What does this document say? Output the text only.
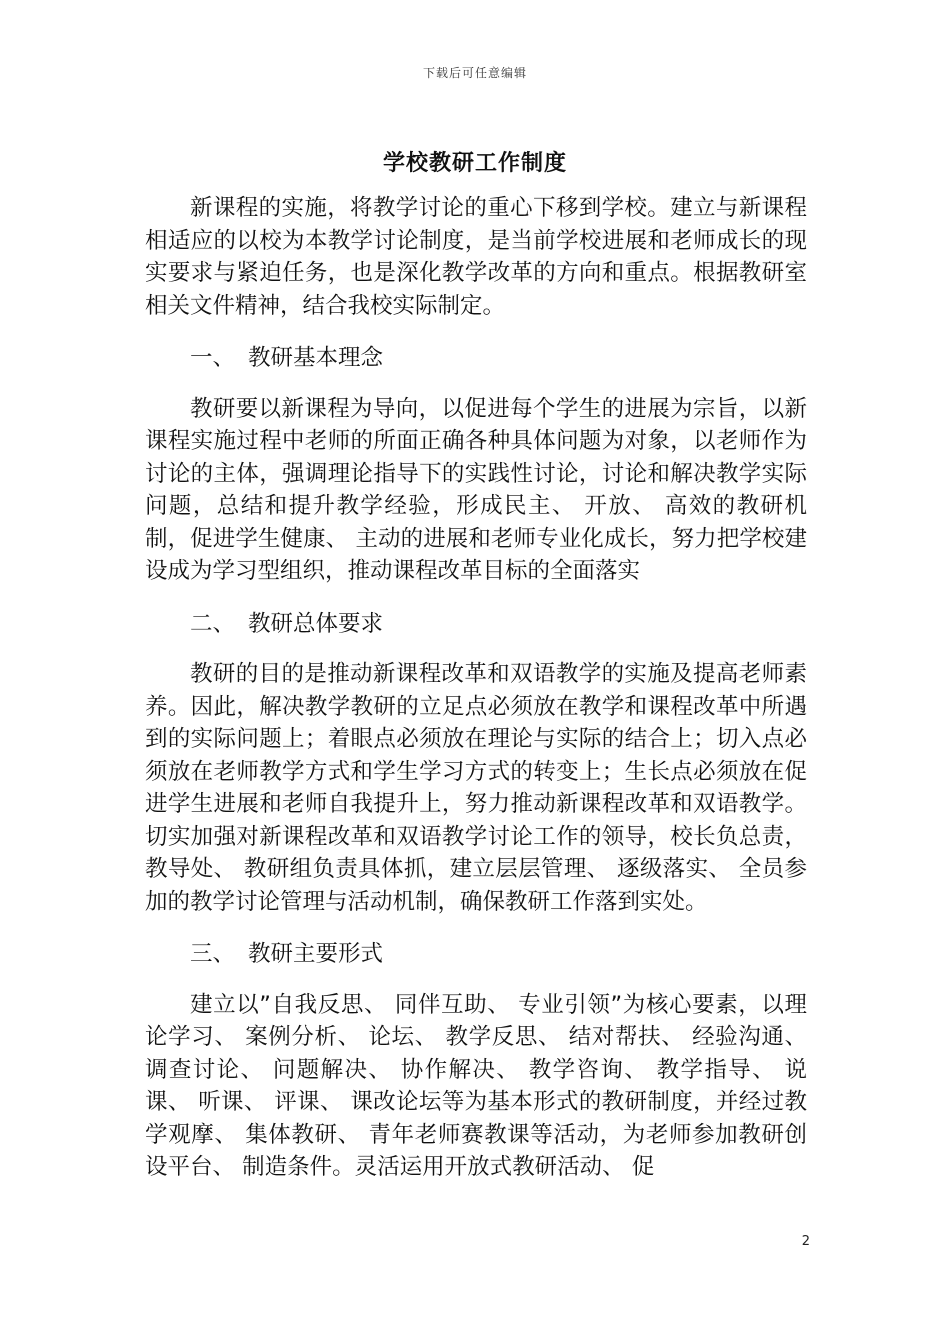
下载后可任意编辑
学校教研工作制度

新课程的实施，将教学讨论的重心下移到学校。建立与新课程相适应的以校为本教学讨论制度，是当前学校进展和老师成长的现实要求与紧迫任务，也是深化教学改革的方向和重点。根据教研室相关文件精神，结合我校实际制定。

一、 教研基本理念

教研要以新课程为导向，以促进每个学生的进展为宗旨，以新课程实施过程中老师的所面正确各种具体问题为对象，以老师作为讨论的主体，强调理论指导下的实践性讨论，讨论和解决教学实际问题，总结和提升教学经验，形成民主、 开放、 高效的教研机制，促进学生健康、 主动的进展和老师专业化成长，努力把学校建设成为学习型组织，推动课程改革目标的全面落实

二、 教研总体要求

教研的目的是推动新课程改革和双语教学的实施及提高老师素养。因此，解决教学教研的立足点必须放在教学和课程改革中所遇到的实际问题上；着眼点必须放在理论与实际的结合上；切入点必须放在老师教学方式和学生学习方式的转变上；生长点必须放在促进学生进展和老师自我提升上，努力推动新课程改革和双语教学。切实加强对新课程改革和双语教学讨论工作的领导，校长负总责，教导处、 教研组负责具体抓，建立层层管理、 逐级落实、 全员参加的教学讨论管理与活动机制，确保教研工作落到实处。

三、 教研主要形式

建立以”自我反思、 同伴互助、 专业引领”为核心要素，以理论学习、 案例分析、 论坛、 教学反思、 结对帮扶、 经验沟通、 调查讨论、 问题解决、 协作解决、 教学咨询、 教学指导、 说课、 听课、 评课、 课改论坛等为基本形式的教研制度，并经过教学观摩、 集体教研、 青年老师赛教课等活动，为老师参加教研创设平台、 制造条件。灵活运用开放式教研活动、 促

2
